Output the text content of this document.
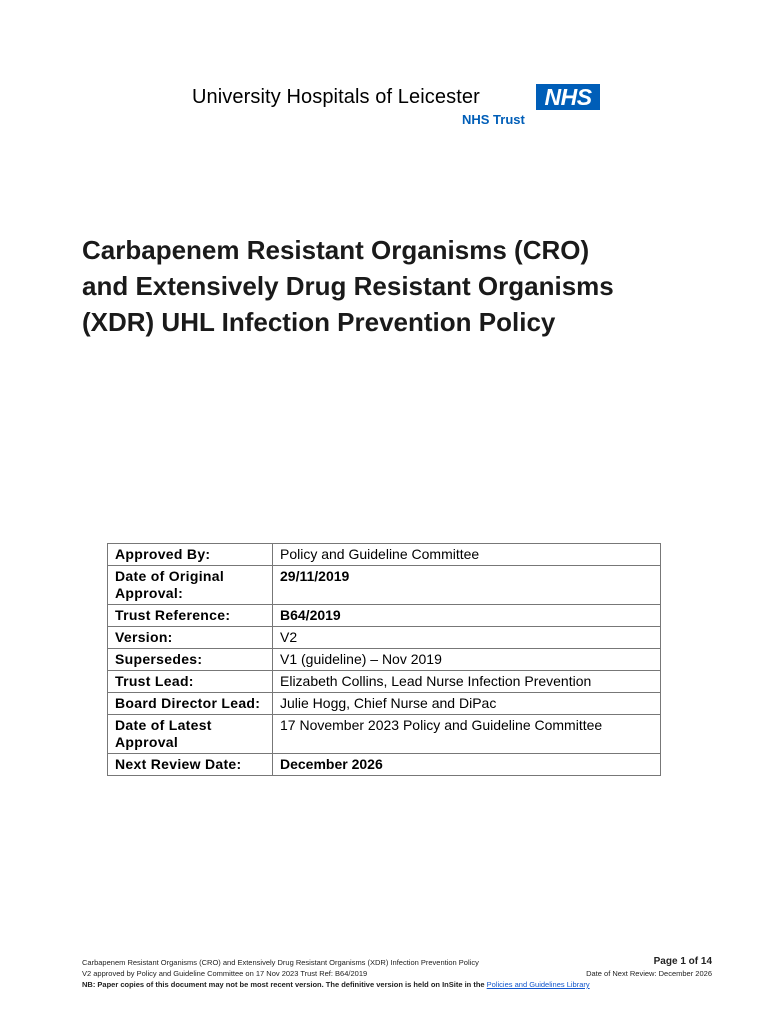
University Hospitals of Leicester	NHS
NHS Trust
Carbapenem Resistant Organisms (CRO)
and Extensively Drug Resistant Organisms
(XDR) UHL Infection Prevention Policy
Approved By:	Policy and Guideline Committee
Date of Original Approval:	29/11/2019
Trust Reference:	B64/2019
Version:	V2
Supersedes:	V1 (guideline) – Nov 2019
Trust Lead:	Elizabeth Collins, Lead Nurse Infection Prevention
Board Director Lead:	Julie Hogg, Chief Nurse and DiPac
Date of Latest Approval	17 November 2023 Policy and Guideline Committee
Next Review Date:	December 2026
Carbapenem Resistant Organisms (CRO) and Extensively Drug Resistant Organisms (XDR) Infection Prevention Policy	Page 1 of 14
V2 approved by Policy and Guideline Committee on 17 Nov 2023 Trust Ref: B64/2019	Date of Next Review: December 2026
NB: Paper copies of this document may not be most recent version. The definitive version is held on InSite in the Policies and Guidelines Library
